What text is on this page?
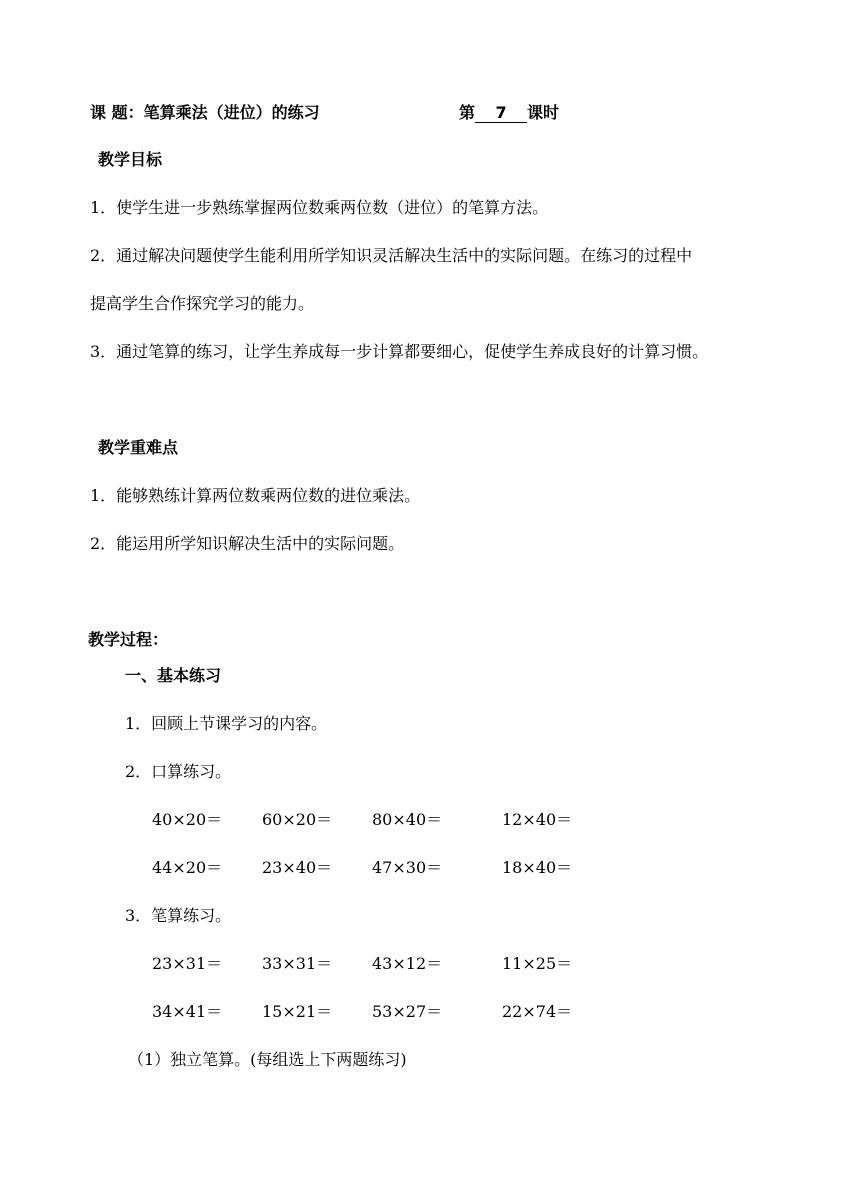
课 题：笔算乘法（进位）的练习	第 7 课时
教学目标
1．使学生进一步熟练掌握两位数乘两位数（进位）的笔算方法。
2．通过解决问题使学生能利用所学知识灵活解决生活中的实际问题。在练习的过程中
提高学生合作探究学习的能力。
3．通过笔算的练习，让学生养成每一步计算都要细心，促使学生养成良好的计算习惯。
教学重难点
1．能够熟练计算两位数乘两位数的进位乘法。
2．能运用所学知识解决生活中的实际问题。
教学过程：
一、基本练习
1．回顾上节课学习的内容。
2．口算练习。
40×20＝ 60×20＝ 80×40＝	12×40＝
44×20＝ 23×40＝ 47×30＝	18×40＝
3．笔算练习。
23×31＝ 33×31＝ 43×12＝	11×25＝
34×41＝ 15×21＝ 53×27＝	22×74＝
（1）独立笔算。(每组选上下两题练习)
